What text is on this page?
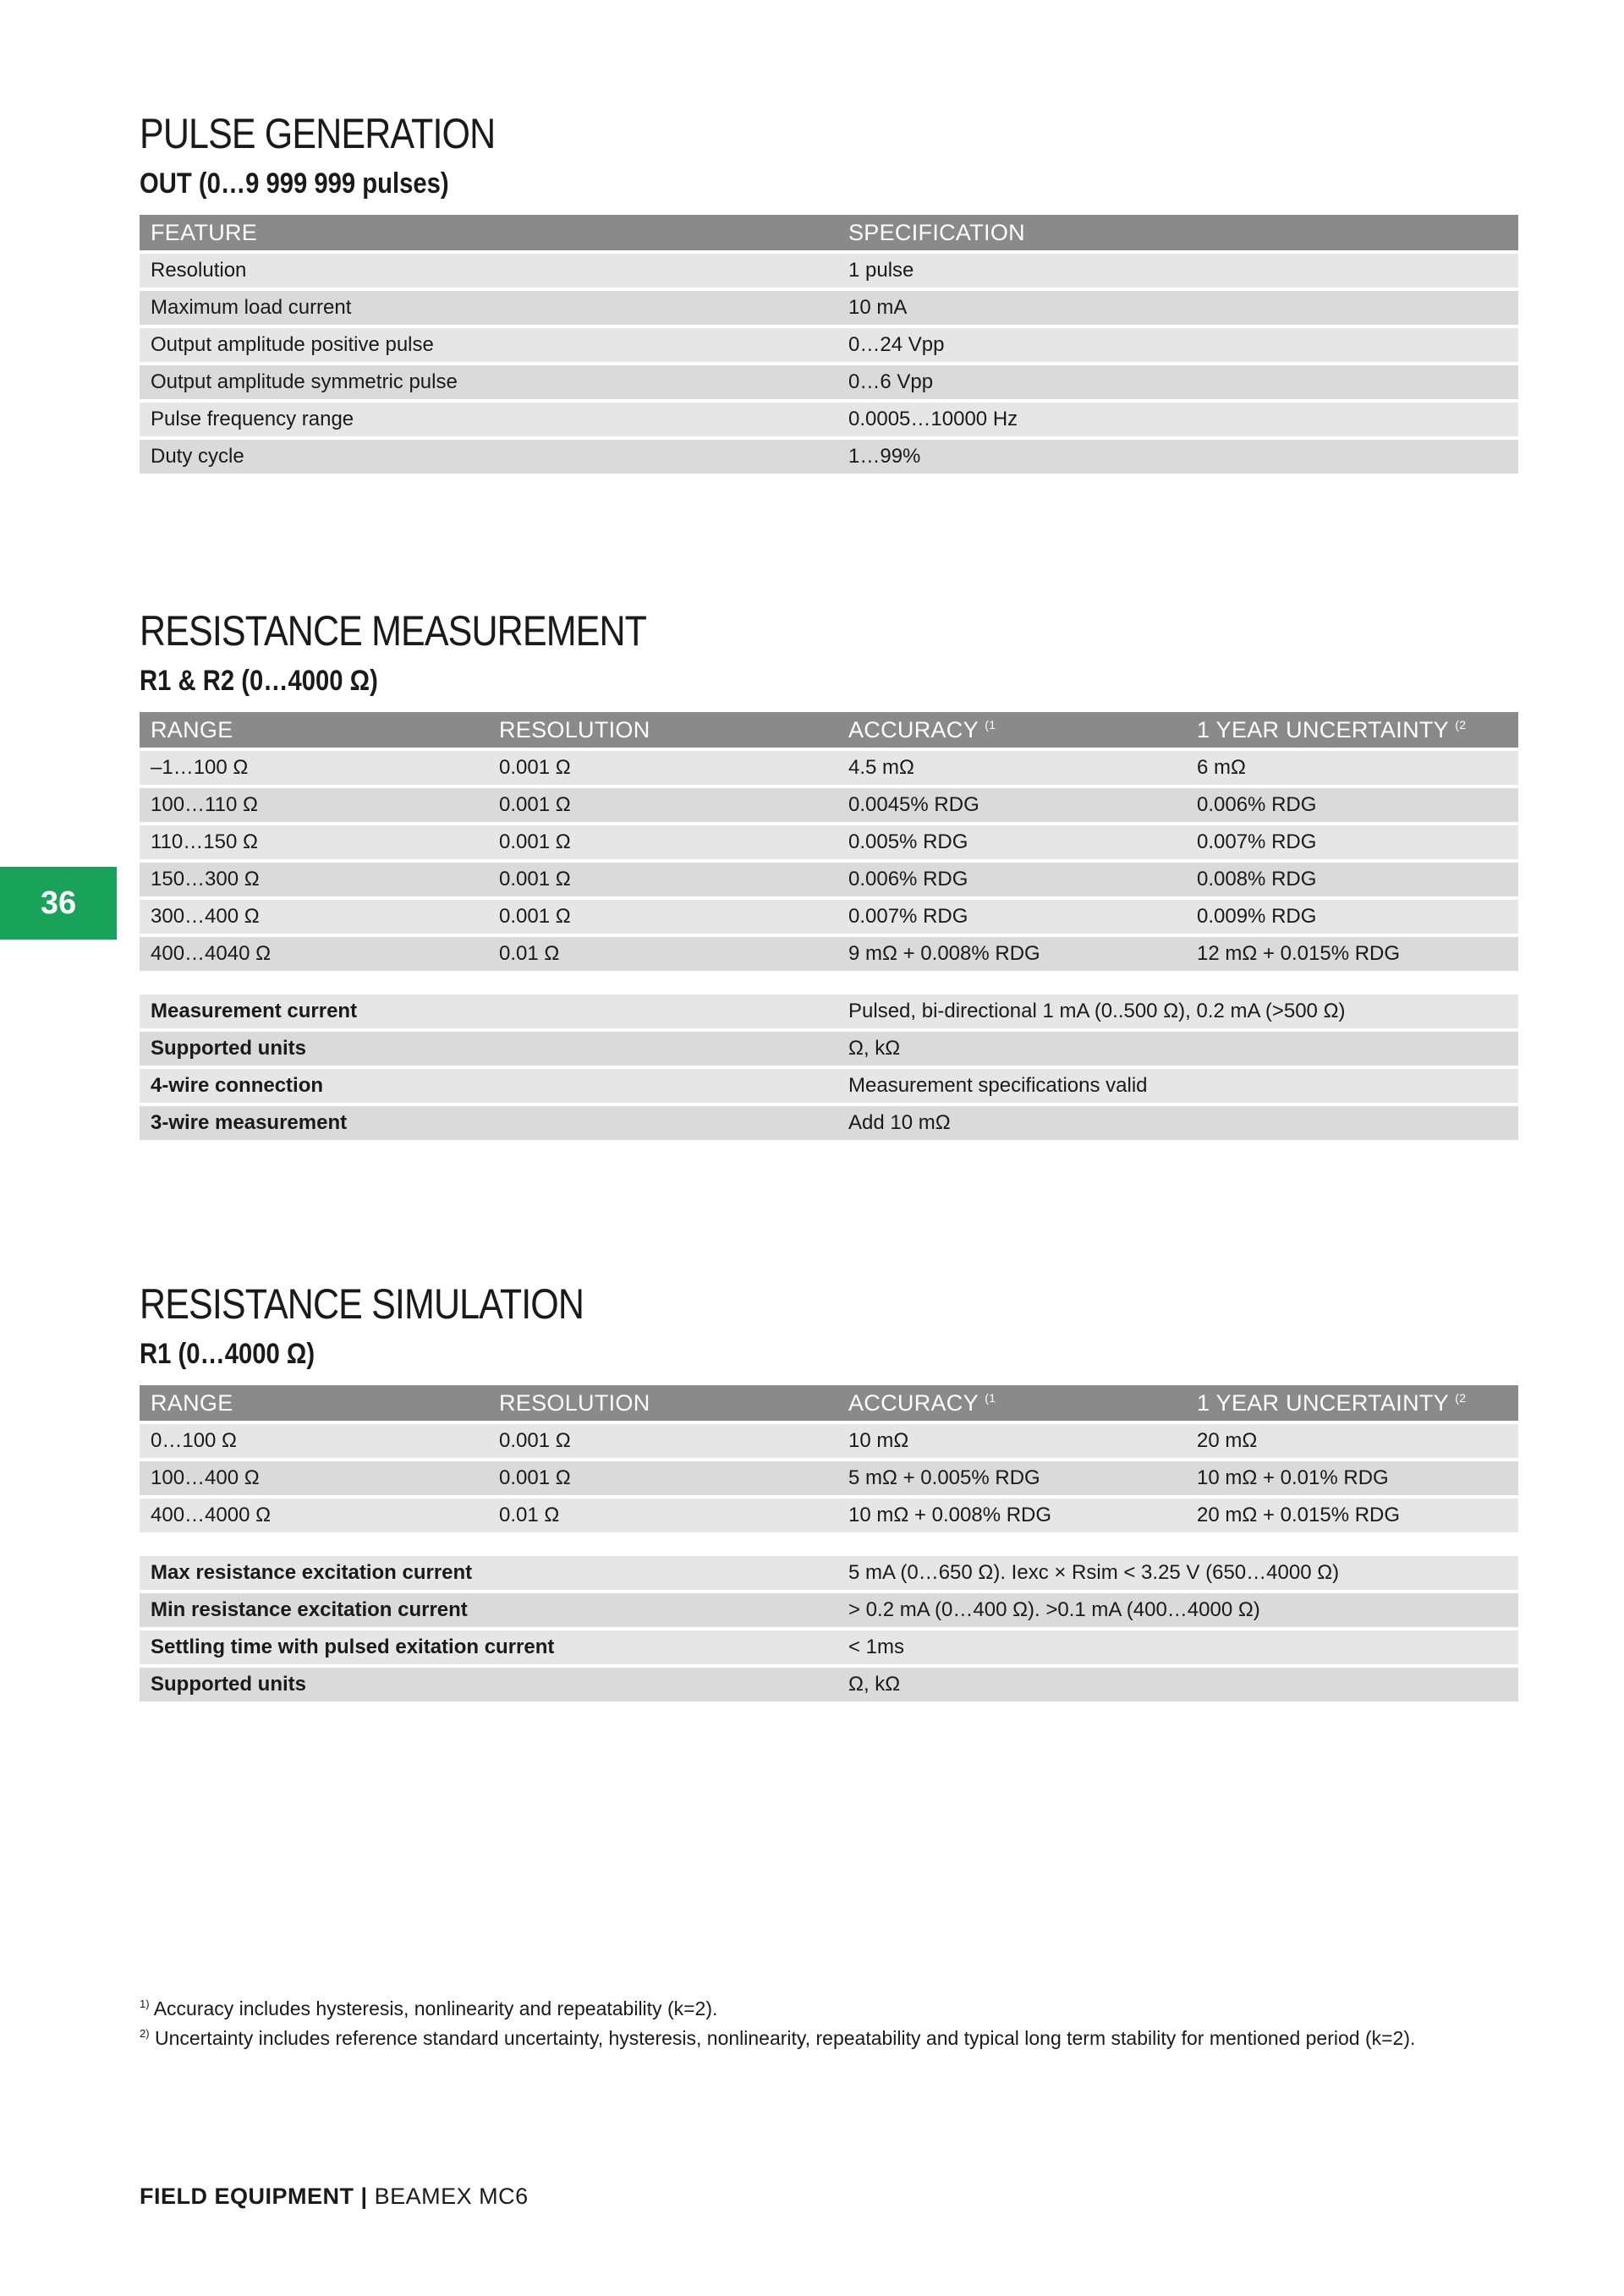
36
PULSE GENERATION
OUT (0…9 999 999 pulses)
FEATURE	SPECIFICATION
Resolution	1 pulse
Maximum load current	10 mA
Output amplitude positive pulse	0…24 Vpp
Output amplitude symmetric pulse	0…6 Vpp
Pulse frequency range	0.0005…10000 Hz
Duty cycle	1…99%
RESISTANCE MEASUREMENT
R1 & R2 (0…4000 Ω)
RANGE	RESOLUTION	ACCURACY $^{(1}$	1 YEAR UNCERTAINTY $^{(2}$
–1…100 Ω	0.001 Ω	4.5 mΩ	6 mΩ
100…110 Ω	0.001 Ω	0.0045% RDG	0.006% RDG
110…150 Ω	0.001 Ω	0.005% RDG	0.007% RDG
150…300 Ω	0.001 Ω	0.006% RDG	0.008% RDG
300…400 Ω	0.001 Ω	0.007% RDG	0.009% RDG
400…4040 Ω	0.01 Ω	9 mΩ + 0.008% RDG	12 mΩ + 0.015% RDG
Measurement current	Pulsed, bi-directional 1 mA (0..500 Ω), 0.2 mA (>500 Ω)
Supported units	Ω, kΩ
4-wire connection	Measurement specifications valid
3-wire measurement	Add 10 mΩ
RESISTANCE SIMULATION
R1 (0…4000 Ω)
RANGE	RESOLUTION	ACCURACY $^{(1}$	1 YEAR UNCERTAINTY $^{(2}$
0…100 Ω	0.001 Ω	10 mΩ	20 mΩ
100…400 Ω	0.001 Ω	5 mΩ + 0.005% RDG	10 mΩ + 0.01% RDG
400…4000 Ω	0.01 Ω	10 mΩ + 0.008% RDG	20 mΩ + 0.015% RDG
Max resistance excitation current	5 mA (0…650 Ω). Iexc × Rsim < 3.25 V (650…4000 Ω)
Min resistance excitation current	> 0.2 mA (0…400 Ω). >0.1 mA (400…4000 Ω)
Settling time with pulsed exitation current	< 1ms
Supported units	Ω, kΩ
$^{1)}$ Accuracy includes hysteresis, nonlinearity and repeatability (k=2).
$^{2)}$ Uncertainty includes reference standard uncertainty, hysteresis, nonlinearity, repeatability and typical long term stability for mentioned period (k=2).
FIELD EQUIPMENT | BEAMEX MC6
